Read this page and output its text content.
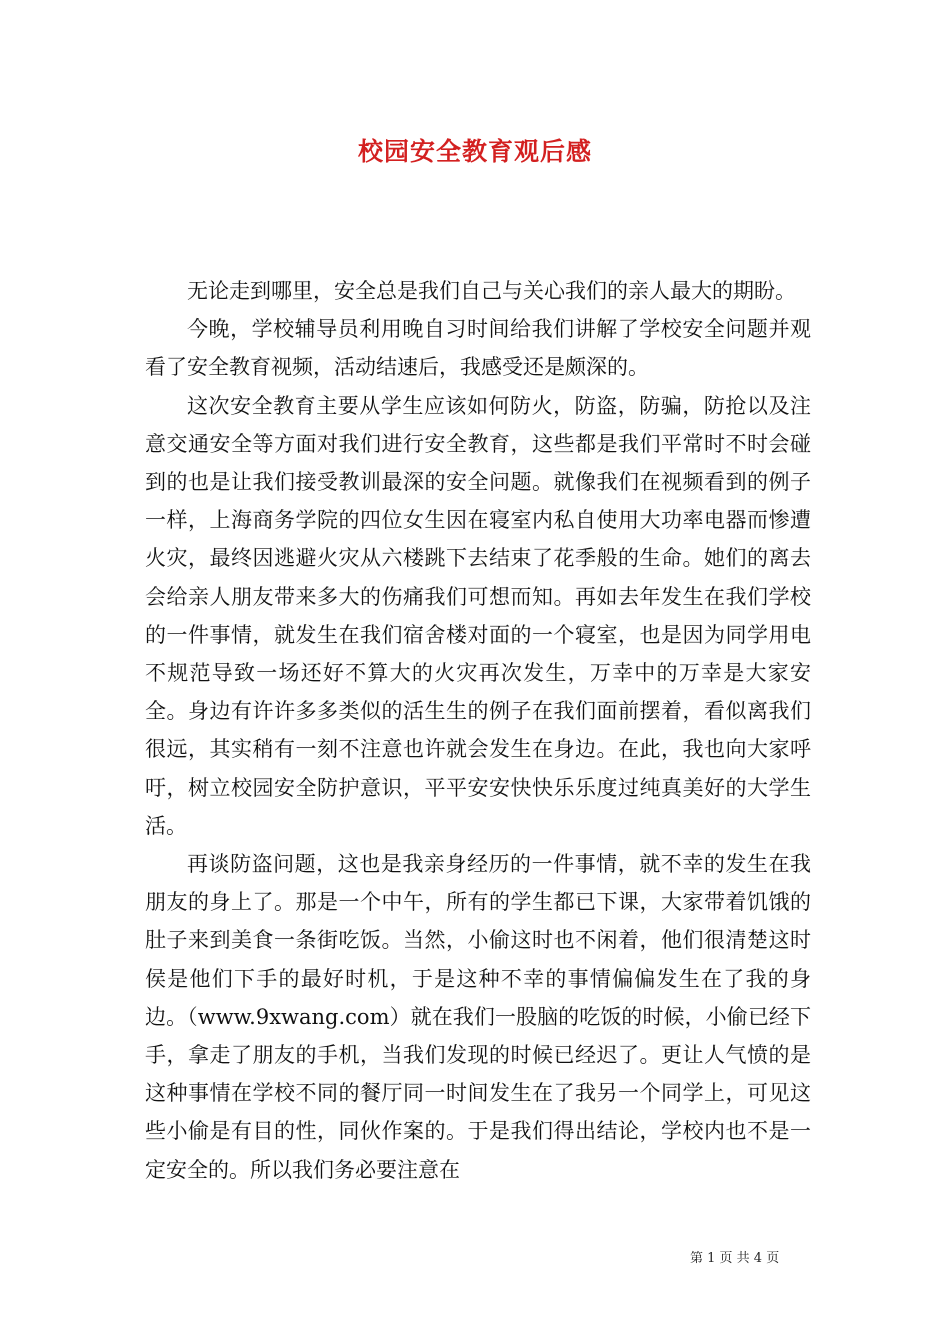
校园安全教育观后感

无论走到哪里，安全总是我们自己与关心我们的亲人最大的期盼。

今晚，学校辅导员利用晚自习时间给我们讲解了学校安全问题并观看了安全教育视频，活动结速后，我感受还是颇深的。

这次安全教育主要从学生应该如何防火，防盗，防骗，防抢以及注意交通安全等方面对我们进行安全教育，这些都是我们平常时不时会碰到的也是让我们接受教训最深的安全问题。就像我们在视频看到的例子一样，上海商务学院的四位女生因在寝室内私自使用大功率电器而惨遭火灾，最终因逃避火灾从六楼跳下去结束了花季般的生命。她们的离去会给亲人朋友带来多大的伤痛我们可想而知。再如去年发生在我们学校的一件事情，就发生在我们宿舍楼对面的一个寝室，也是因为同学用电不规范导致一场还好不算大的火灾再次发生，万幸中的万幸是大家安全。身边有许许多多类似的活生生的例子在我们面前摆着，看似离我们很远，其实稍有一刻不注意也许就会发生在身边。在此，我也向大家呼吁，树立校园安全防护意识，平平安安快快乐乐度过纯真美好的大学生活。

再谈防盗问题，这也是我亲身经历的一件事情，就不幸的发生在我朋友的身上了。那是一个中午，所有的学生都已下课，大家带着饥饿的肚子来到美食一条街吃饭。当然，小偷这时也不闲着，他们很清楚这时侯是他们下手的最好时机，于是这种不幸的事情偏偏发生在了我的身边。（www.9xwang.com）就在我们一股脑的吃饭的时候，小偷已经下手，拿走了朋友的手机，当我们发现的时候已经迟了。更让人气愤的是这种事情在学校不同的餐厅同一时间发生在了我另一个同学上，可见这些小偷是有目的性，同伙作案的。于是我们得出结论，学校内也不是一定安全的。所以我们务必要注意在

第 1 页 共 4 页
